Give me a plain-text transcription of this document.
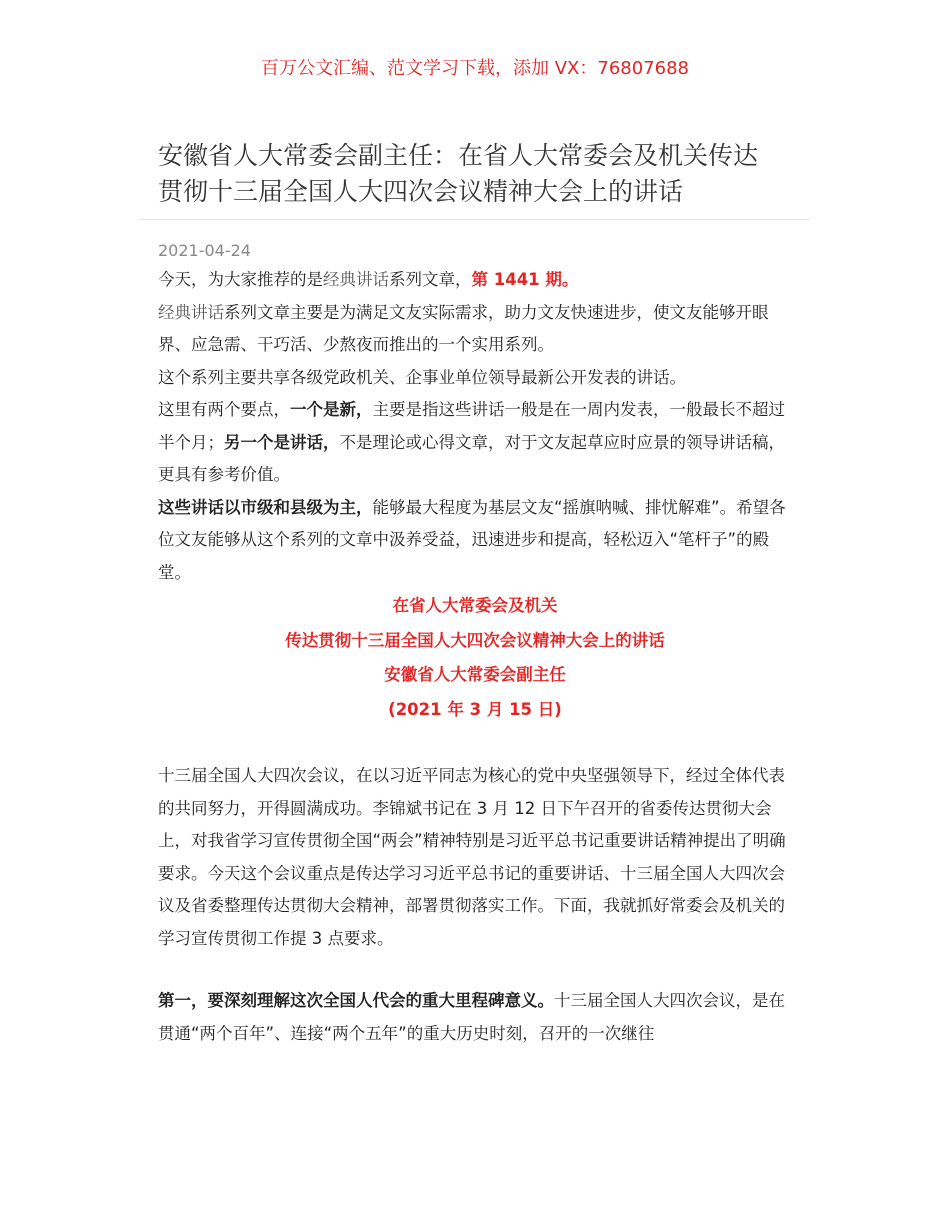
百万公文汇编、范文学习下载，添加 VX：76807688
安徽省人大常委会副主任：在省人大常委会及机关传达
贯彻十三届全国人大四次会议精神大会上的讲话
2021-04-24

今天，为大家推荐的是经典讲话系列文章，第 1441 期。

经典讲话系列文章主要是为满足文友实际需求，助力文友快速进步，使文友能够开眼界、应急需、干巧活、少熬夜而推出的一个实用系列。

这个系列主要共享各级党政机关、企事业单位领导最新公开发表的讲话。

这里有两个要点，一个是新，主要是指这些讲话一般是在一周内发表，一般最长不超过半个月；另一个是讲话，不是理论或心得文章，对于文友起草应时应景的领导讲话稿，更具有参考价值。

这些讲话以市级和县级为主，能够最大程度为基层文友“摇旗呐喊、排忧解难”。希望各位文友能够从这个系列的文章中汲养受益，迅速进步和提高，轻松迈入“笔杆子”的殿堂。

在省人大常委会及机关
传达贯彻十三届全国人大四次会议精神大会上的讲话
安徽省人大常委会副主任
(2021 年 3 月 15 日)

十三届全国人大四次会议，在以习近平同志为核心的党中央坚强领导下，经过全体代表的共同努力，开得圆满成功。李锦斌书记在 3 月 12 日下午召开的省委传达贯彻大会上，对我省学习宣传贯彻全国“两会”精神特别是习近平总书记重要讲话精神提出了明确要求。今天这个会议重点是传达学习习近平总书记的重要讲话、十三届全国人大四次会议及省委整理传达贯彻大会精神，部署贯彻落实工作。下面，我就抓好常委会及机关的学习宣传贯彻工作提 3 点要求。

第一，要深刻理解这次全国人代会的重大里程碑意义。十三届全国人大四次会议，是在贯通“两个百年”、连接“两个五年”的重大历史时刻，召开的一次继往
